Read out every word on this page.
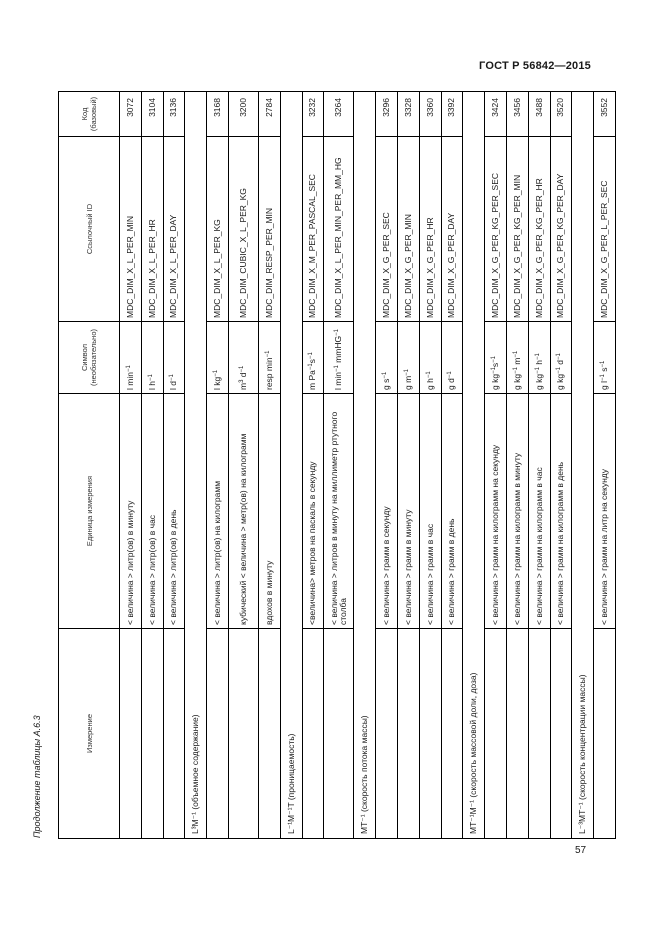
ГОСТ Р 56842—2015
Продолжение таблицы А.6.3	Измерение	Единица измерения	Символ (необязательно)	Ссылочный ID	Код (базовый)
	< величина > литр(ов) в минуту	l $\min^{-1}$	MDC_DIM_X_L_PER_MIN	3072
	< величина > литр(ов) в час	l $h^{-1}$	MDC_DIM_X_L_PER_HR	3104
	< величина > литр(ов) в день	l $d^{-1}$	MDC_DIM_X_L_PER_DAY	3136
L³M⁻¹ (объемное содержание)				
	< величина > литр(ов) на килограмм	l $kg^{-1}$	MDC_DIM_X_L_PER_KG	3168
	кубический < величина > метр(ов) на килограмм	$m^3$ $d^{-1}$	MDC_DIM_CUBIC_X_L_PER_KG	3200
	вдохов в минуту	resp $\min^{-1}$	MDC_DIM_RESP_PER_MIN	2784
L⁻¹M⁻¹T (проницаемость)				
	<величина> метров на паскаль в секунду	m $Pa^{-1}s^{-1}$	MDC_DIM_X_M_PER_PASCAL_SEC	3232
	< величина > литров в минуту на миллиметр ртутного столба	l $\min^{-1}$ mmHG$^{-1}$	MDC_DIM_X_L_PER_MIN_PER_MM_HG	3264
MT⁻¹ (скорость потока массы)				
	< величина > грамм в секунду	g $s^{-1}$	MDC_DIM_X_G_PER_SEC	3296
	< величина > грамм в минуту	g $m^{-1}$	MDC_DIM_X_G_PER_MIN	3328
	< величина > грамм в час	g $h^{-1}$	MDC_DIM_X_G_PER_HR	3360
	< величина > грамм в день	g $d^{-1}$	MDC_DIM_X_G_PER_DAY	3392
MT⁻¹M⁻¹ (скорость массовой доли, доза)				
	< величина > грамм на килограмм на секунду	g $kg^{-1}s^{-1}$	MDC_DIM_X_G_PER_KG_PER_SEC	3424
	< величина > грамм на килограмм в минуту	g $kg^{-1}$ $m^{-1}$	MDC_DIM_X_G_PER_KG_PER_MIN	3456
	< величина > грамм на килограмм в час	g $kg^{-1}$ $h^{-1}$	MDC_DIM_X_G_PER_KG_PER_HR	3488
	< величина > грамм на килограмм в день	g $kg^{-1}$ $d^{-1}$	MDC_DIM_X_G_PER_KG_PER_DAY	3520
L⁻³MT⁻¹ (скорость концентрации массы)				
	< величина > грамм на литр на секунду	g $l^{-1}$ $s^{-1}$	MDC_DIM_X_G_PER_L_PER_SEC	3552
57
